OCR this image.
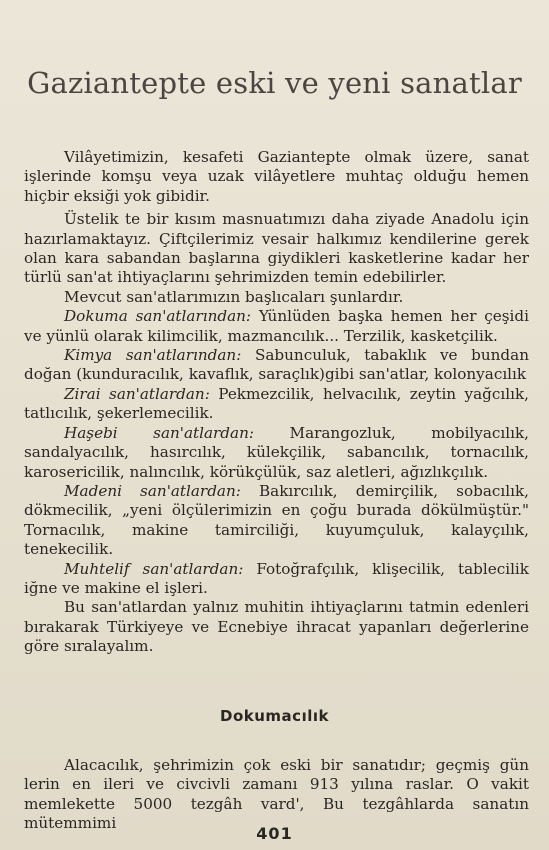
Gaziantepte eski ve yeni sanatlar

Vilâyetimizin, kesafeti Gaziantepte olmak üzere, sanat işlerinde komşu veya uzak vilâyetlere muhtaç olduğu hemen hiçbir eksiği yok gibidir.

Üstelik te bir kısım masnuatımızı daha ziyade Anadolu için hazırlamaktayız. Çiftçilerimiz vesair halkımız kendilerine gerek olan kara sabandan başlarına giydikleri kasketlerine kadar her türlü san'at ihtiyaçlarını şehrimizden temin edebilirler.

Mevcut san'atlarımızın başlıcaları şunlardır.

Dokuma san'atlarından: Yünlüden başka hemen her çeşidi ve yünlü olarak kilimcilik, mazmancılık... Terzilik, kasketçilik.

Kimya san'atlarından: Sabunculuk, tabaklık ve bundan doğan (kunduracılık, kavaflık, saraçlık)gibi san'atlar, kolonyacılık

Zirai san'atlardan: Pekmezcilik, helvacılık, zeytin yağcılık, tatlıcılık, şekerlemecilik.

Haşebi san'atlardan: Marangozluk, mobilyacılık, sandalyacılık, hasırcılık, külekçilik, sabancılık, tornacılık, karosericilik, nalıncılık, körükçülük, saz aletleri, ağızlıkçılık.

Madeni san'atlardan: Bakırcılık, demirçilik, sobacılık, dökmecilik, „yeni ölçülerimizin en çoğu burada dökülmüştür." Tornacılık, makine tamirciliği, kuyumçuluk, kalayçılık, tenekecilik.

Muhtelif san'atlardan: Fotoğrafçılık, klişecilik, tablecilik iğne ve makine el işleri.

Bu san'atlardan yalnız muhitin ihtiyaçlarını tatmin edenleri bırakarak Türkiyeye ve Ecnebiye ihracat yapanları değerlerine göre sıralayalım.

Dokumacılık

Alacacılık, şehrimizin çok eski bir sanatıdır; geçmiş gün lerin en ileri ve civcivli zamanı 913 yılına raslar. O vakit memlekette 5000 tezgâh vard', Bu tezgâhlarda sanatın mütemmimi

401
